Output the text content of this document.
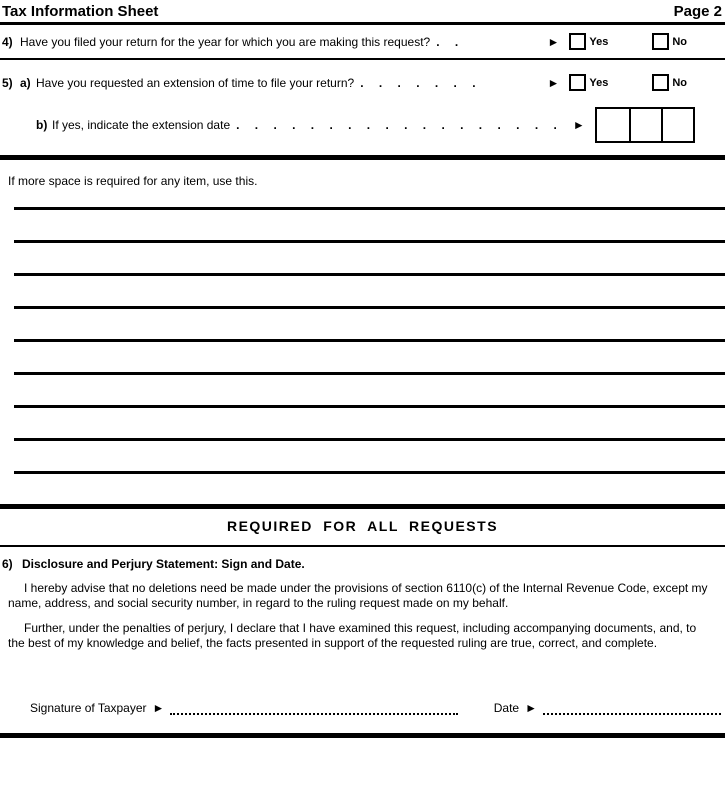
Tax Information Sheet	Page 2
4) Have you filed your return for the year for which you are making this request? . .	►	Yes	No
5) a) Have you requested an extension of time to file your return? . . . . . . .	►	Yes	No
b) If yes, indicate the extension date . . . . . . . . . . . . . . . . . . ►
If more space is required for any item, use this.
REQUIRED FOR ALL REQUESTS
6) Disclosure and Perjury Statement: Sign and Date.

I hereby advise that no deletions need be made under the provisions of section 6110(c) of the Internal Revenue Code, except my name, address, and social security number, in regard to the ruling request made on my behalf.

Further, under the penalties of perjury, I declare that I have examined this request, including accompanying documents, and, to the best of my knowledge and belief, the facts presented in support of the requested ruling are true, correct, and complete.

Signature of Taxpayer ►	Date ►
